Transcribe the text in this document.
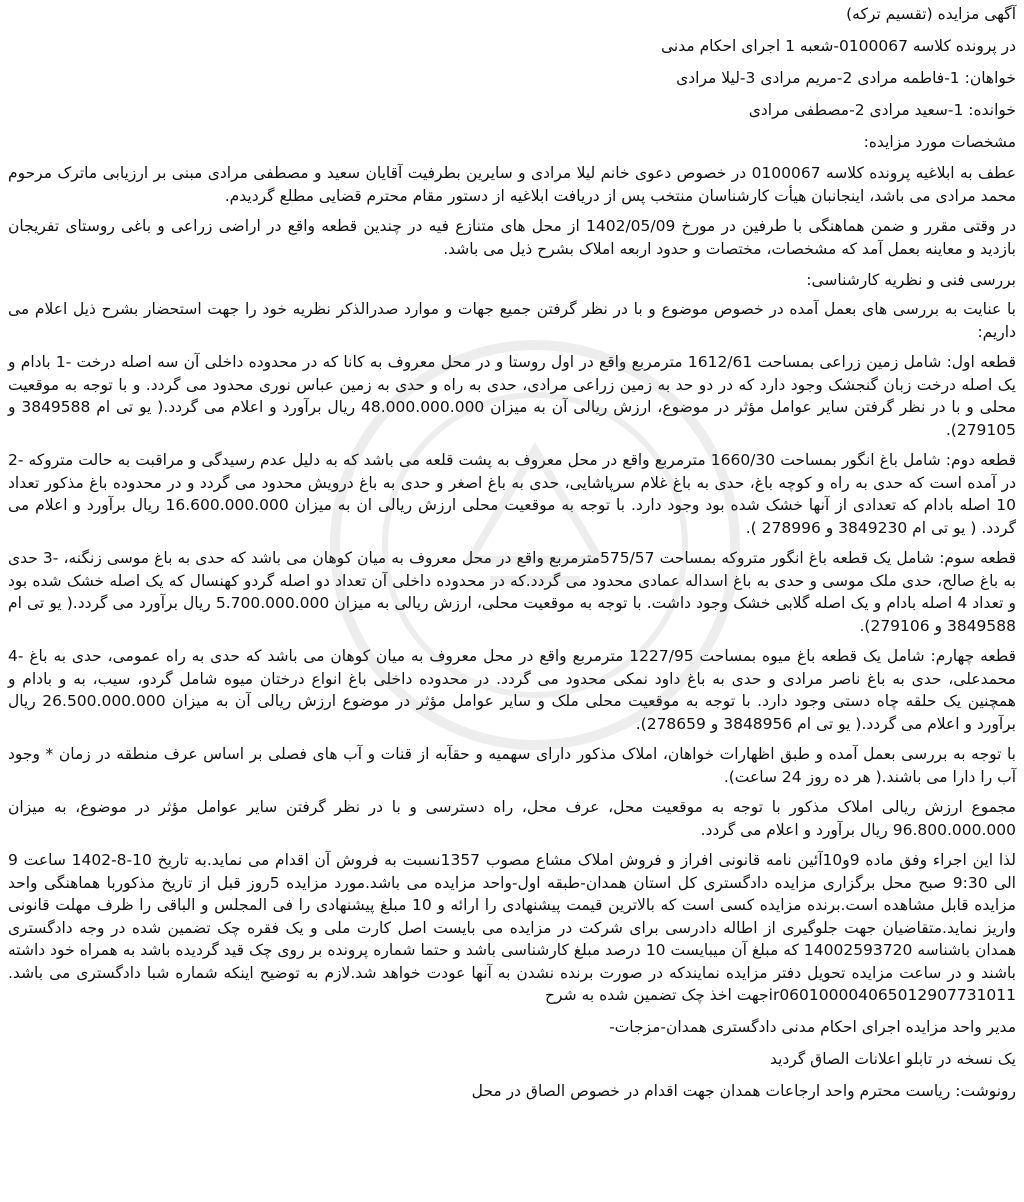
آگهی مزایده (تقسیم ترکه)
در پرونده کلاسه 0100067-شعبه 1 اجرای احکام مدنی
خواهان: 1-فاطمه مرادی 2-مریم مرادی 3-لیلا مرادی
خوانده: 1-سعید مرادی 2-مصطفی مرادی
مشخصات مورد مزایده:

عطف به ابلاغیه پرونده کلاسه 0100067 در خصوص دعوی خانم لیلا مرادی و سایرین بطرفیت آقایان سعید و مصطفی مرادی مبنی بر ارزیابی ماترک مرحوم محمد مرادی می باشد، اینجانبان هیأت کارشناسان منتخب پس از دریافت ابلاغیه از دستور مقام محترم قضایی مطلع گردیدم.

در وقتی مقرر و ضمن هماهنگی با طرفین در مورخ 1402/05/09 از محل های متنازع فیه در چندین قطعه واقع در اراضی زراعی و باغی روستای تفریجان بازدید و معاینه بعمل آمد که مشخصات، مختصات و حدود اربعه املاک بشرح ذیل می باشد.

بررسی فنی و نظریه کارشناسی:

با عنایت به بررسی های بعمل آمده در خصوص موضوع و با در نظر گرفتن جمیع جهات و موارد صدرالذکر نظریه خود را جهت استحضار بشرح ذیل اعلام می داریم:

قطعه اول: شامل زمین زراعی بمساحت 1612/61 مترمربع واقع در اول روستا و در محل معروف به کانا که در محدوده داخلی آن سه اصله درخت -1 بادام و یک اصله درخت زبان گنجشک وجود دارد که در دو حد به زمین زراعی مرادی، حدی به راه و حدی به زمین عباس نوری محدود می گردد. و با توجه به موقعیت محلی و با در نظر گرفتن سایر عوامل مؤثر در موضوع، ارزش ریالی آن به میزان 48.000.000.000 ریال برآورد و اعلام می گردد.( یو تی ام 3849588 و 279105).

قطعه دوم: شامل باغ انگور بمساحت 1660/30 مترمربع واقع در محل معروف به پشت قلعه می باشد که به دلیل عدم رسیدگی و مراقبت به حالت متروکه -2 در آمده است که حدی به راه و کوچه باغ، حدی به باغ غلام سرپاشایی، حدی به باغ اصغر و حدی به باغ درویش محدود می گردد و در محدوده باغ مذکور تعداد 10 اصله بادام که تعدادی از آنها خشک شده بود وجود دارد. با توجه به موقعیت محلی ارزش ریالی ان به میزان 16.600.000.000 ریال برآورد و اعلام می گردد. ( یو تی ام 3849230 و 278996 ).

قطعه سوم: شامل یک قطعه باغ انگور متروکه بمساحت 575/57مترمربع واقع در محل معروف به میان کوهان می باشد که حدی به باغ موسی زنگنه، -3 حدی به باغ صالح، حدی ملک موسی و حدی به باغ اسداله عمادی محدود می گردد.که در محدوده داخلی آن تعداد دو اصله گردو کهنسال که یک اصله خشک شده بود و تعداد 4 اصله بادام و یک اصله گلابی خشک وجود داشت. با توجه به موقعیت محلی، ارزش ریالی به میزان 5.700.000.000 ریال برآورد می گردد.( یو تی ام 3849588 و 279106).

قطعه چهارم: شامل یک قطعه باغ میوه بمساحت 1227/95 مترمربع واقع در محل معروف به میان کوهان می باشد که حدی به راه عمومی، حدی به باغ -4 محمدعلی، حدی به باغ ناصر مرادی و حدی به باغ داود نمکی محدود می گردد. در محدوده داخلی باغ انواع درختان میوه شامل گردو، سیب، به و بادام و همچنین یک حلقه چاه دستی وجود دارد. با توجه به موقعیت محلی ملک و سایر عوامل مؤثر در موضوع ارزش ریالی آن به میزان 26.500.000.000 ریال برآورد و اعلام می گردد.( یو تی ام 3848956 و 278659).

با توجه به بررسی بعمل آمده و طبق اظهارات خواهان، املاک مذکور دارای سهمیه و حقآبه از قنات و آب های فصلی بر اساس عرف منطقه در زمان * وجود آب را دارا می باشند.( هر ده روز 24 ساعت).

مجموع ارزش ریالی املاک مذکور با توجه به موقعیت محل، عرف محل، راه دسترسی و با در نظر گرفتن سایر عوامل مؤثر در موضوع، به میزان 96.800.000.000 ریال برآورد و اعلام می گردد.

لذا این اجراء وفق ماده 9و10آئین نامه قانونی افراز و فروش املاک مشاع مصوب 1357نسبت به فروش آن اقدام می نماید.به تاریخ 10-8-1402 ساعت 9 الی 9:30 صبح محل برگزاری مزایده دادگستری کل استان همدان-طبقه اول-واحد مزایده می باشد.مورد مزایده 5روز قبل از تاریخ مذکوربا هماهنگی واحد مزایده قابل مشاهده است.برنده مزایده کسی است که بالاترین قیمت پیشنهادی را ارائه و 10 مبلغ پیشنهادی را فی المجلس و الباقی را ظرف مهلت قانونی واریز نماید.متقاضیان جهت جلوگیری از اطاله دادرسی برای شرکت در مزایده می بایست اصل کارت ملی و یک فقره چک تضمین شده در وجه دادگستری همدان باشناسه 14002593720 که مبلغ آن میبایست 10 درصد مبلغ کارشناسی باشد و حتما شماره پرونده بر روی چک قید گردیده باشد به همراه خود داشته باشند و در ساعت مزایده تحویل دفتر مزایده نمایندکه در صورت برنده نشدن به آنها عودت خواهد شد.لازم به توضیح اینکه شماره شبا دادگستری می باشد. ir060100004065012907731011جهت اخذ چک تضمین شده به شرح

مدیر واحد مزایده اجرای احکام مدنی دادگستری همدان-مزجات-
یک نسخه در تابلو اعلانات الصاق گردید
رونوشت: ریاست محترم واحد ارجاعات همدان جهت اقدام در خصوص الصاق در محل
